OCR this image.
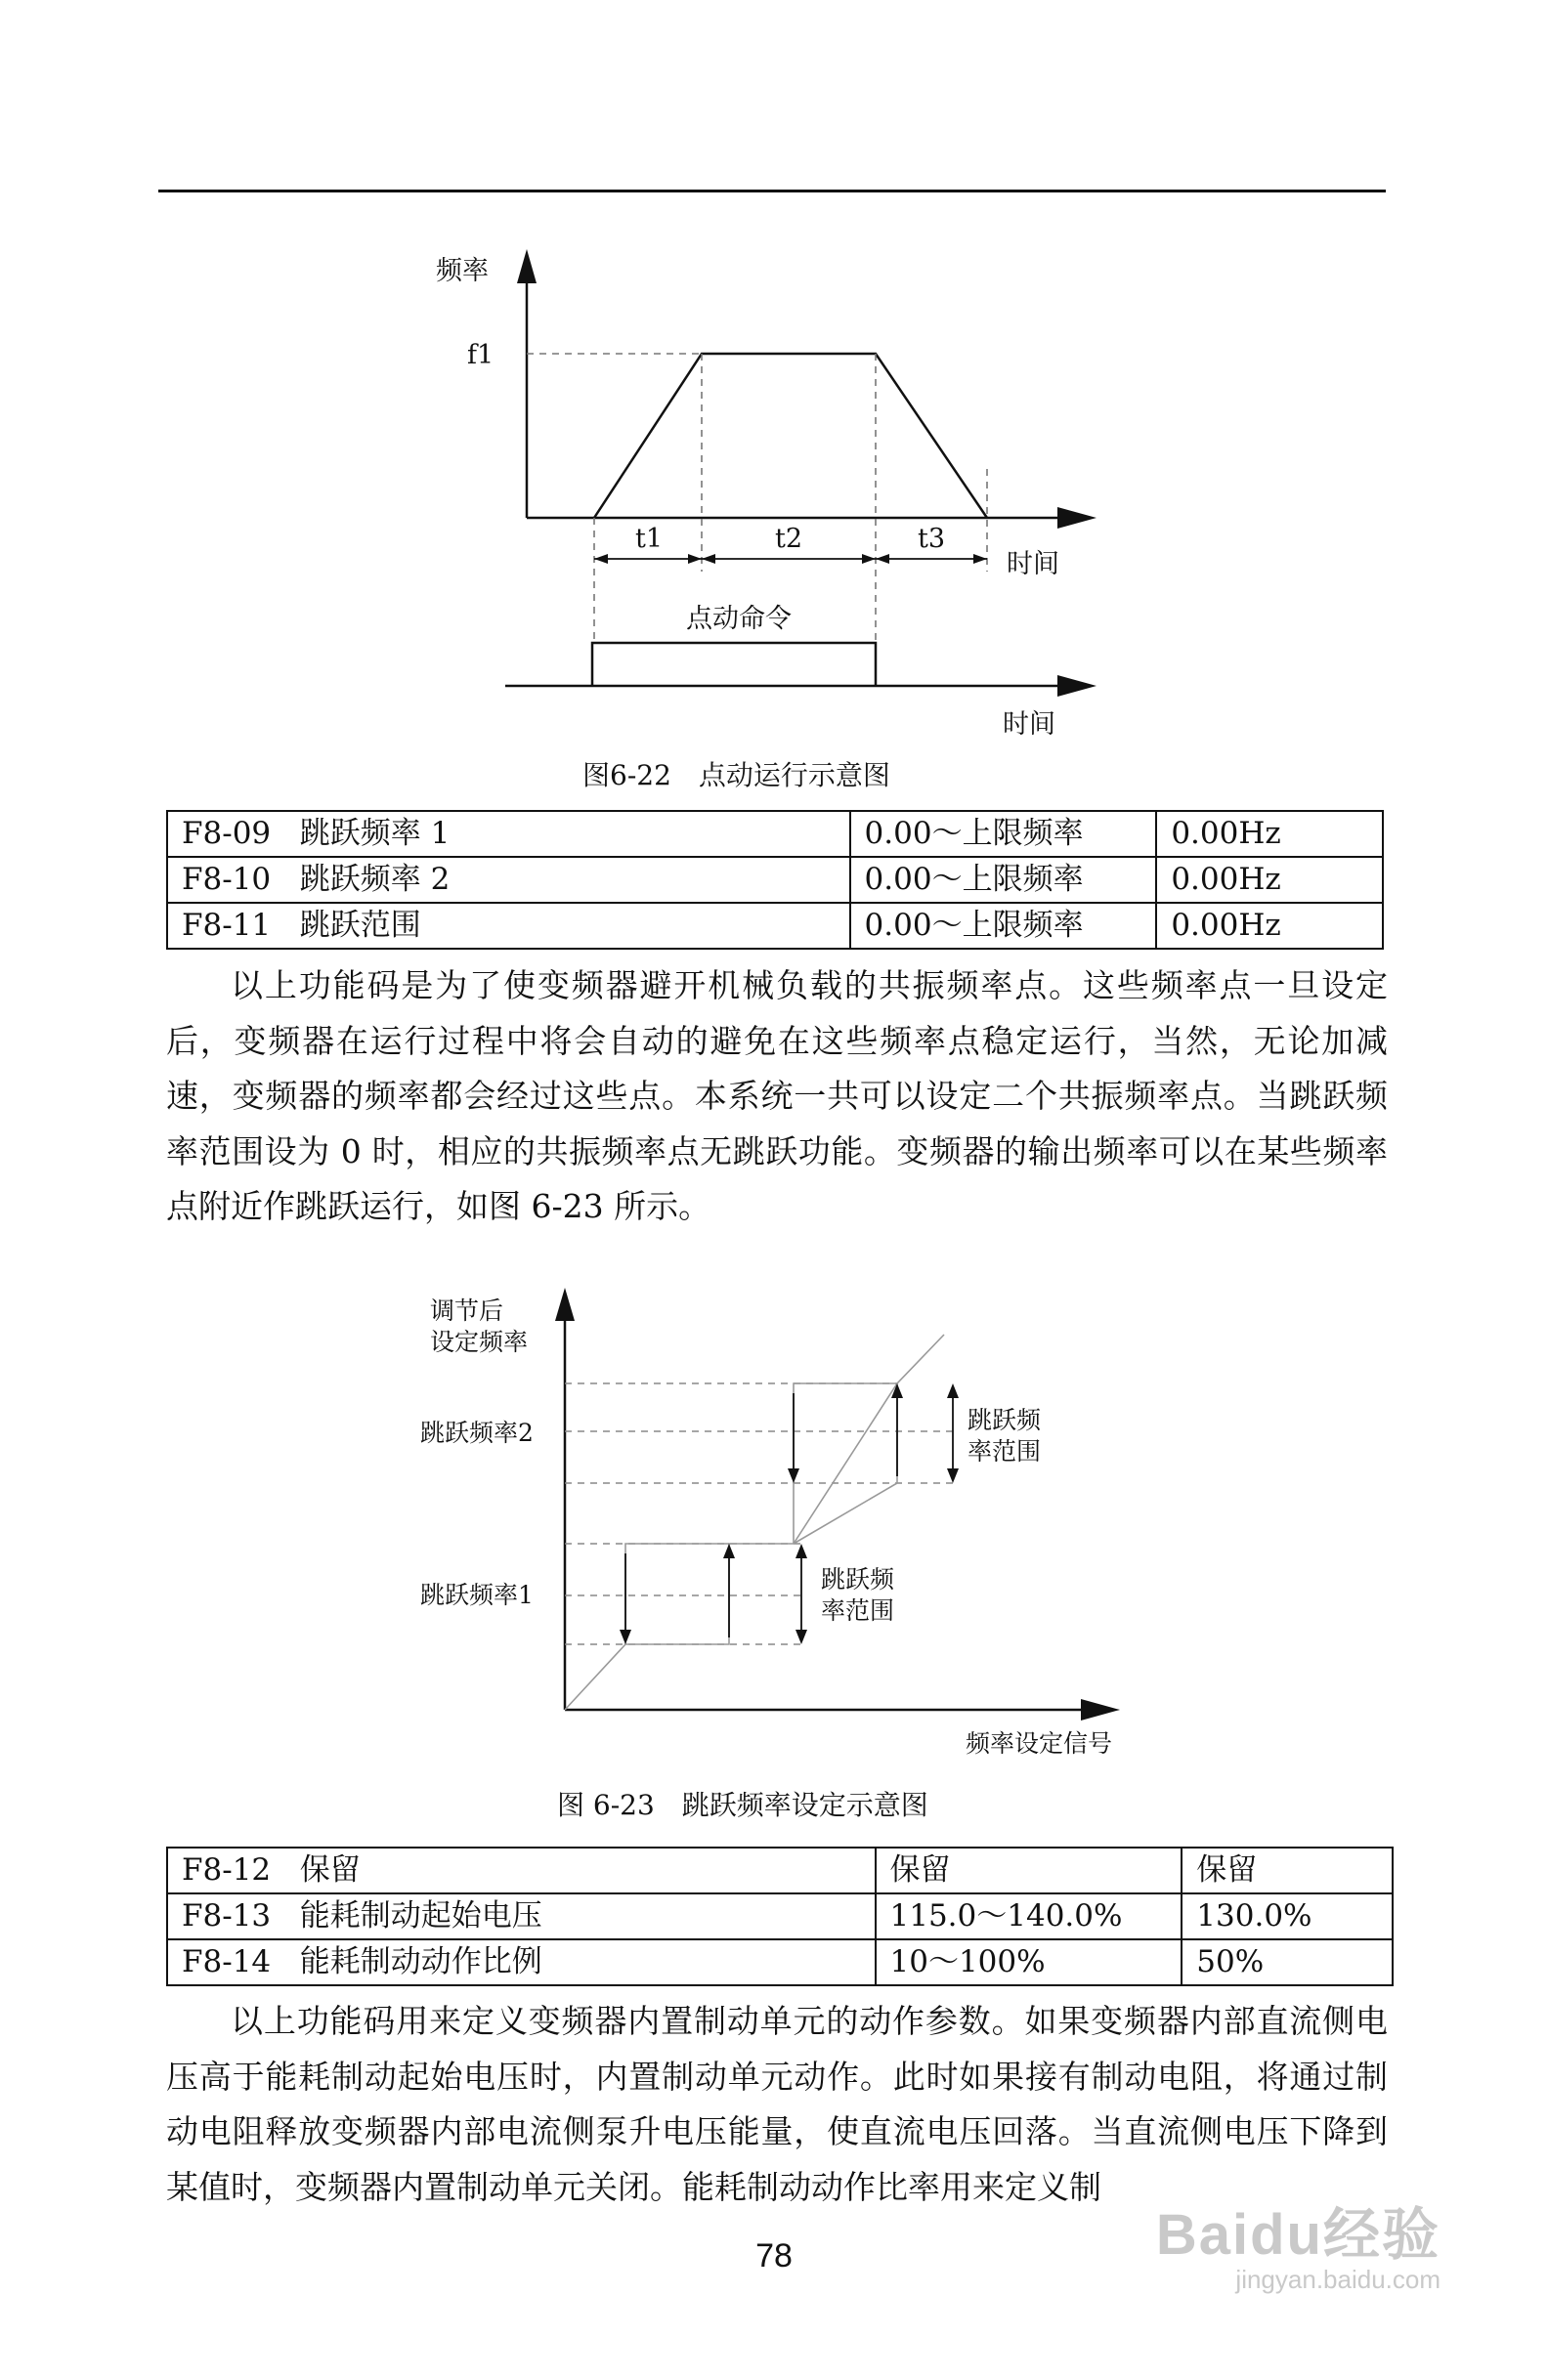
频率
f1
t1	t2	t3
时间
点动命令
时间
图6-22　点动运行示意图
F8-09 跳跃频率 1	0.00～上限频率	0.00Hz
F8-10 跳跃频率 2	0.00～上限频率	0.00Hz
F8-11 跳跃范围	0.00～上限频率	0.00Hz

以上功能码是为了使变频器避开机械负载的共振频率点。这些频率点一旦设定后，变频器在运行过程中将会自动的避免在这些频率点稳定运行，当然，无论加减速，变频器的频率都会经过这些点。本系统一共可以设定二个共振频率点。当跳跃频率范围设为 0 时，相应的共振频率点无跳跃功能。变频器的输出频率可以在某些频率点附近作跳跃运行，如图 6-23 所示。

调节后
设定频率
跳跃频率2
跳跃频率1
跳跃频
率范围
跳跃频
率范围
频率设定信号
图 6-23　跳跃频率设定示意图
F8-12 保留	保留	保留
F8-13 能耗制动起始电压	115.0～140.0%	130.0%
F8-14 能耗制动动作比例	10～100%	50%

以上功能码用来定义变频器内置制动单元的动作参数。如果变频器内部直流侧电压高于能耗制动起始电压时，内置制动单元动作。此时如果接有制动电阻，将通过制动电阻释放变频器内部电流侧泵升电压能量，使直流电压回落。当直流侧电压下降到某值时，变频器内置制动单元关闭。能耗制动动作比率用来定义制

78	Baidu经验
jingyan.baidu.com
